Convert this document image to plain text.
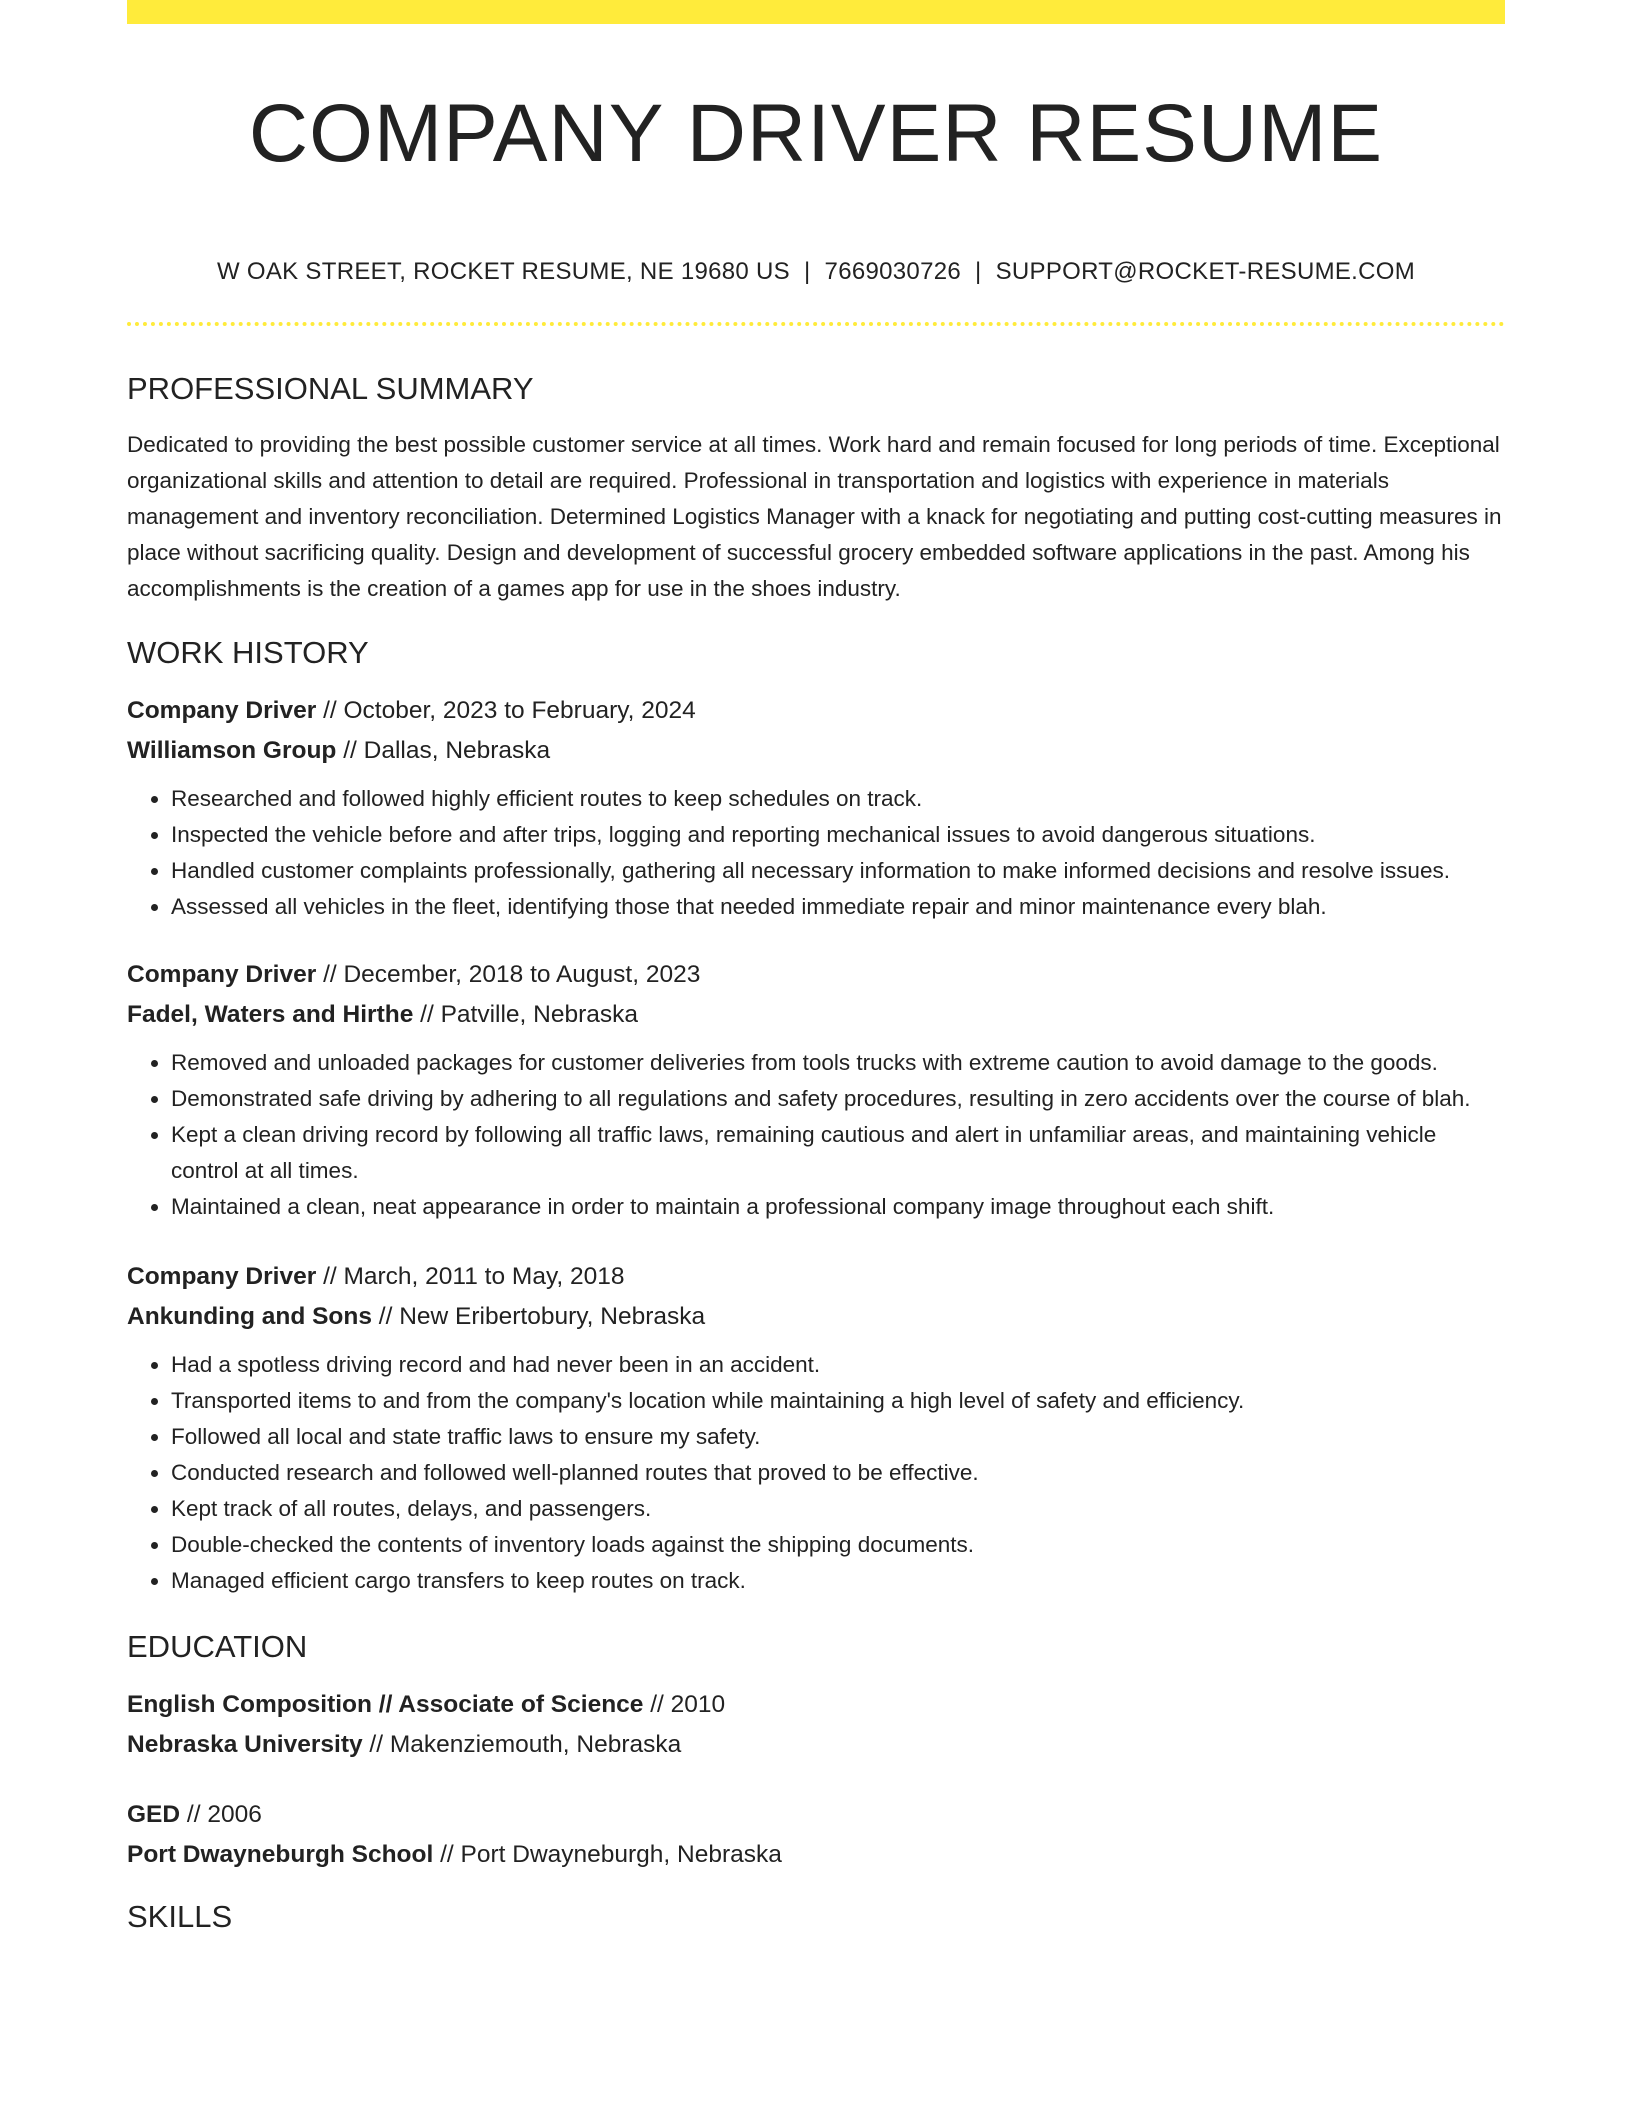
COMPANY DRIVER RESUME
W OAK STREET, ROCKET RESUME, NE 19680 US | 7669030726 | SUPPORT@ROCKET-RESUME.COM
PROFESSIONAL SUMMARY
Dedicated to providing the best possible customer service at all times. Work hard and remain focused for long periods of time. Exceptional organizational skills and attention to detail are required. Professional in transportation and logistics with experience in materials management and inventory reconciliation. Determined Logistics Manager with a knack for negotiating and putting cost-cutting measures in place without sacrificing quality. Design and development of successful grocery embedded software applications in the past. Among his accomplishments is the creation of a games app for use in the shoes industry.
WORK HISTORY
Company Driver // October, 2023 to February, 2024
Williamson Group // Dallas, Nebraska
• Researched and followed highly efficient routes to keep schedules on track.
• Inspected the vehicle before and after trips, logging and reporting mechanical issues to avoid dangerous situations.
• Handled customer complaints professionally, gathering all necessary information to make informed decisions and resolve issues.
• Assessed all vehicles in the fleet, identifying those that needed immediate repair and minor maintenance every blah.
Company Driver // December, 2018 to August, 2023
Fadel, Waters and Hirthe // Patville, Nebraska
• Removed and unloaded packages for customer deliveries from tools trucks with extreme caution to avoid damage to the goods.
• Demonstrated safe driving by adhering to all regulations and safety procedures, resulting in zero accidents over the course of blah.
• Kept a clean driving record by following all traffic laws, remaining cautious and alert in unfamiliar areas, and maintaining vehicle control at all times.
• Maintained a clean, neat appearance in order to maintain a professional company image throughout each shift.
Company Driver // March, 2011 to May, 2018
Ankunding and Sons // New Eribertobury, Nebraska
• Had a spotless driving record and had never been in an accident.
• Transported items to and from the company's location while maintaining a high level of safety and efficiency.
• Followed all local and state traffic laws to ensure my safety.
• Conducted research and followed well-planned routes that proved to be effective.
• Kept track of all routes, delays, and passengers.
• Double-checked the contents of inventory loads against the shipping documents.
• Managed efficient cargo transfers to keep routes on track.
EDUCATION
English Composition // Associate of Science // 2010
Nebraska University // Makenziemouth, Nebraska
GED // 2006
Port Dwayneburgh School // Port Dwayneburgh, Nebraska
SKILLS
